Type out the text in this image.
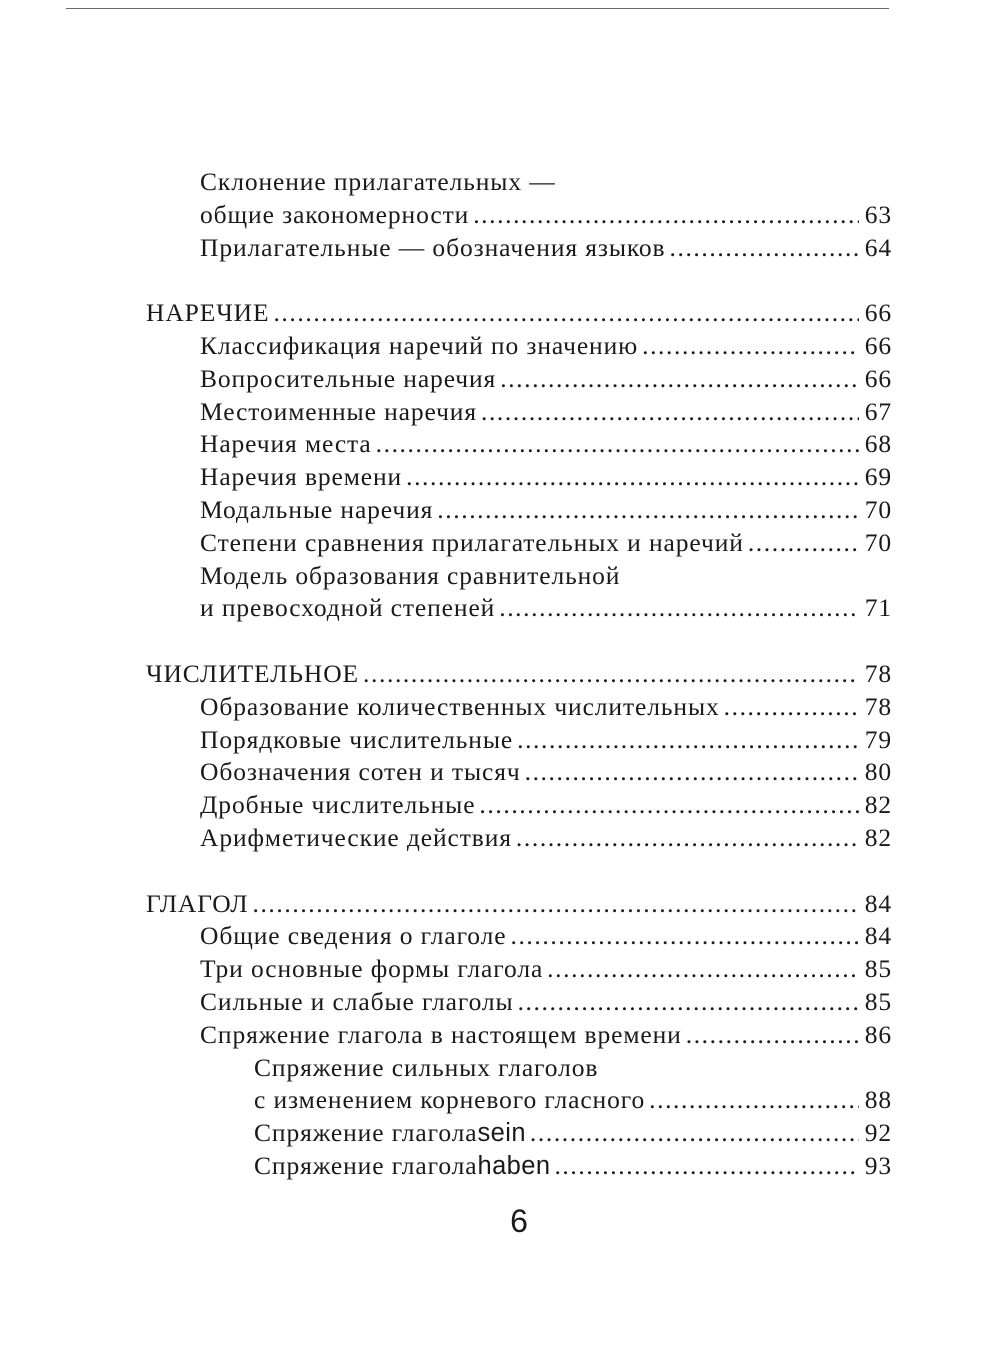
Склонение прилагательных —
общие закономерности .....	63
Прилагательные — обозначения языков .....	64
НАРЕЧИЕ .....	66
Классификация наречий по значению .....	66
Вопросительные наречия .....	66
Местоименные наречия .....	67
Наречия места .....	68
Наречия времени .....	69
Модальные наречия .....	70
Степени сравнения прилагательных и наречий .....	70
Модель образования сравнительной
и превосходной степеней .....	71
ЧИСЛИТЕЛЬНОЕ .....	78
Образование количественных числительных .....	78
Порядковые числительные .....	79
Обозначения сотен и тысяч .....	80
Дробные числительные .....	82
Арифметические действия .....	82
ГЛАГОЛ .....	84
Общие сведения о глаголе .....	84
Три основные формы глагола .....	85
Сильные и слабые глаголы .....	85
Спряжение глагола в настоящем времени .....	86
Спряжение сильных глаголов
с изменением корневого гласного .....	88
Спряжение глагола sein .....	92
Спряжение глагола haben .....	93
6
